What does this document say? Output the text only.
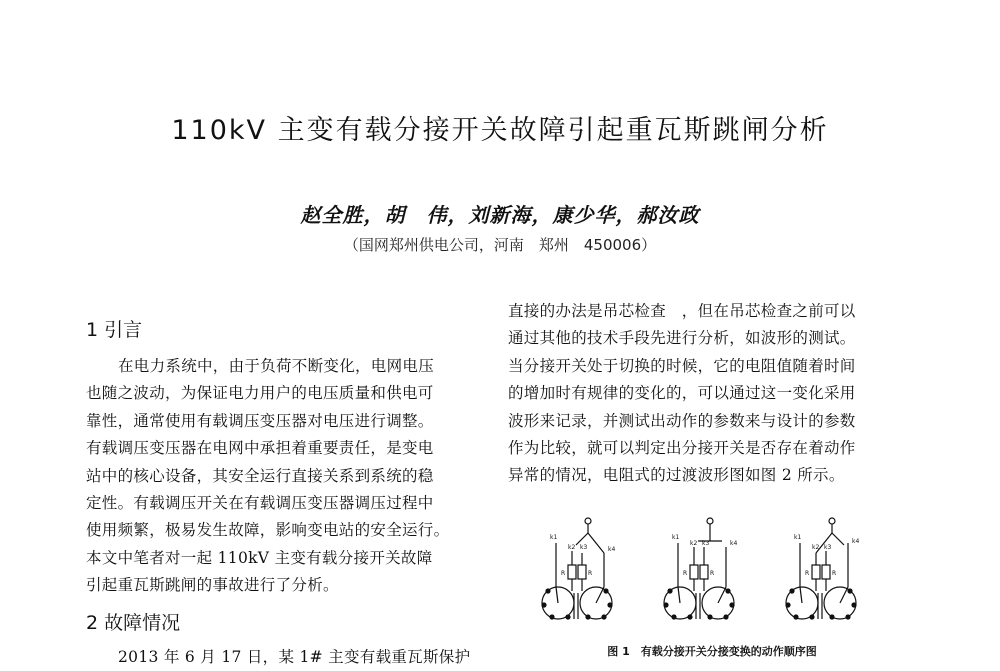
110kV 主变有载分接开关故障引起重瓦斯跳闸分析
赵全胜，胡　伟，刘新海，康少华，郝汝政
（国网郑州供电公司，河南　郑州　450006）
1 引言

在电力系统中，由于负荷不断变化，电网电压

也随之波动，为保证电力用户的电压质量和供电可

靠性，通常使用有载调压变压器对电压进行调整。

有载调压变压器在电网中承担着重要责任，是变电

站中的核心设备，其安全运行直接关系到系统的稳

定性。有载调压开关在有载调压变压器调压过程中

使用频繁，极易发生故障，影响变电站的安全运行。

本文中笔者对一起 110kV 主变有载分接开关故障

引起重瓦斯跳闸的事故进行了分析。

2 故障情况

2013 年 6 月 17 日，某 1# 主变有载重瓦斯保护

直接的办法是吊芯检查　，但在吊芯检查之前可以

通过其他的技术手段先进行分析，如波形的测试。

当分接开关处于切换的时候，它的电阻值随着时间

的增加时有规律的变化的，可以通过这一变化采用

波形来记录，并测试出动作的参数来与设计的参数

作为比较，就可以判定出分接开关是否存在着动作

异常的情况，电阻式的过渡波形图如图 2 所示。

k1
k2 k3	k4
R	R
k1
k2 k3	k4
R	R
k1
k2 k3
k4
R	R
图 1　有载分接开关分接变换的动作顺序图
